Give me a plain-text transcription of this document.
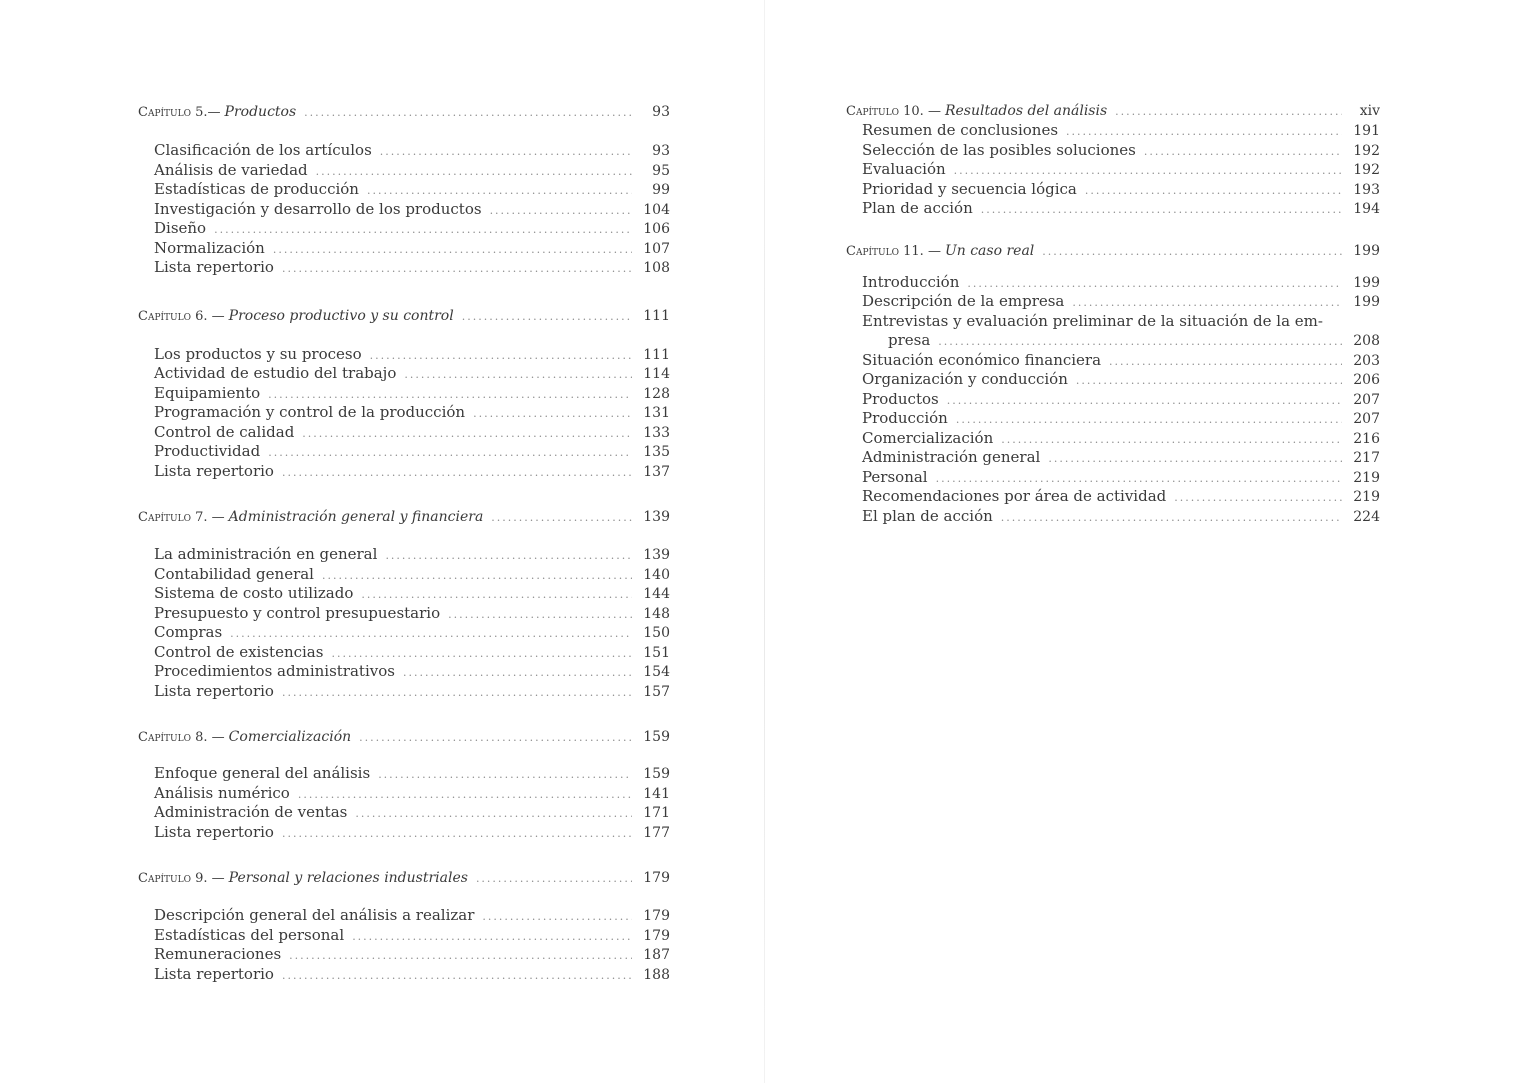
Capítulo 5.— Productos .....	93
Clasificación de los artículos .....	93
Análisis de variedad .....	95
Estadísticas de producción .....	99
Investigación y desarrollo de los productos .....	104
Diseño .....	106
Normalización .....	107
Lista repertorio .....	108
Capítulo 6. — Proceso productivo y su control .....	111
Los productos y su proceso .....	111
Actividad de estudio del trabajo .....	114
Equipamiento .....	128
Programación y control de la producción .....	131
Control de calidad .....	133
Productividad .....	135
Lista repertorio .....	137
Capítulo 7. — Administración general y financiera .....	139
La administración en general .....	139
Contabilidad general .....	140
Sistema de costo utilizado .....	144
Presupuesto y control presupuestario .....	148
Compras .....	150
Control de existencias .....	151
Procedimientos administrativos .....	154
Lista repertorio .....	157
Capítulo 8. — Comercialización .....	159
Enfoque general del análisis .....	159
Análisis numérico .....	141
Administración de ventas .....	171
Lista repertorio .....	177
Capítulo 9. — Personal y relaciones industriales .....	179
Descripción general del análisis a realizar .....	179
Estadísticas del personal .....	179
Remuneraciones .....	187
Lista repertorio .....	188
Capítulo 10. — Resultados del análisis .....	xiv
Resumen de conclusiones .....	191
Selección de las posibles soluciones .....	192
Evaluación .....	192
Prioridad y secuencia lógica .....	193
Plan de acción .....	194
Capítulo 11. — Un caso real .....	199
Introducción .....	199
Descripción de la empresa .....	199
Entrevistas y evaluación preliminar de la situación de la em-
presa .....	208
Situación económico financiera .....	203
Organización y conducción .....	206
Productos .....	207
Producción .....	207
Comercialización .....	216
Administración general .....	217
Personal .....	219
Recomendaciones por área de actividad .....	219
El plan de acción .....	224
